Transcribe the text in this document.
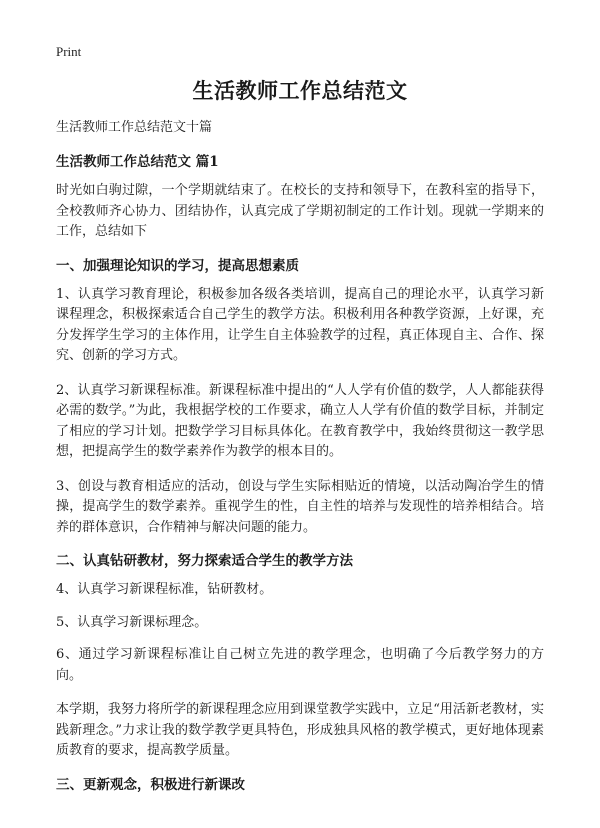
Print
生活教师工作总结范文

生活教师工作总结范文十篇

生活教师工作总结范文 篇1

时光如白驹过隙，一个学期就结束了。在校长的支持和领导下，在教科室的指导下，全校教师齐心协力、团结协作，认真完成了学期初制定的工作计划。现就一学期来的工作，总结如下

一、加强理论知识的学习，提高思想素质

1、认真学习教育理论，积极参加各级各类培训，提高自己的理论水平，认真学习新课程理念，积极探索适合自己学生的教学方法。积极利用各种教学资源，上好课，充分发挥学生学习的主体作用，让学生自主体验教学的过程，真正体现自主、合作、探究、创新的学习方式。

2、认真学习新课程标准。新课程标准中提出的“人人学有价值的数学，人人都能获得必需的数学。”为此，我根据学校的工作要求，确立人人学有价值的数学目标，并制定了相应的学习计划。把数学学习目标具体化。在教育教学中，我始终贯彻这一教学思想，把提高学生的数学素养作为教学的根本目的。

3、创设与教育相适应的活动，创设与学生实际相贴近的情境，以活动陶冶学生的情操，提高学生的数学素养。重视学生的性，自主性的培养与发现性的培养相结合。培养的群体意识，合作精神与解决问题的能力。

二、认真钻研教材，努力探索适合学生的教学方法

4、认真学习新课程标准，钻研教材。

5、认真学习新课标理念。

6、通过学习新课程标准让自己树立先进的教学理念，也明确了今后教学努力的方向。

本学期，我努力将所学的新课程理念应用到课堂教学实践中，立足“用活新老教材，实践新理念。”力求让我的数学教学更具特色，形成独具风格的教学模式，更好地体现素质教育的要求，提高教学质量。

三、更新观念，积极进行新课改
